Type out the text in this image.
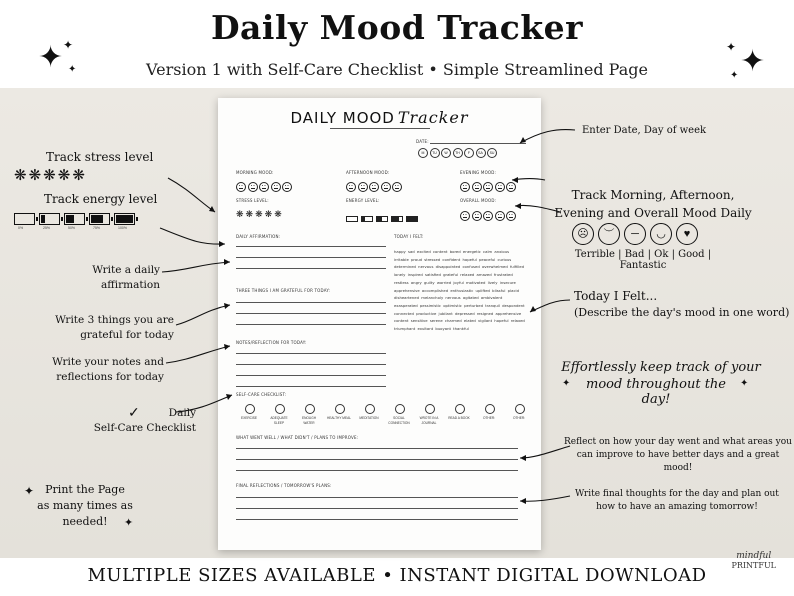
Daily Mood Tracker
Version 1 with Self-Care Checklist • Simple Streamlined Page
✦ ✦
✦	✦
✦
✦
DAILY MOOD Tracker
DATE:
M TU W TH F SA SU
MORNING MOOD:	AFTERNOON MOOD:	EVENING MOOD:
STRESS LEVEL:
❋ ❋ ❋ ❋ ❋
ENERGY LEVEL:	OVERALL MOOD:
DAILY AFFIRMATION:	TODAY I FELT:
happy sad excited content bored energetic calm anxious irritable proud stressed confident hopeful peaceful curious determined nervous disappointed confused overwhelmed fulfilled lonely inspired satisfied grateful relaxed amazed frustrated restless angry guilty worried joyful motivated lively insecure apprehensive accomplished enthusiastic uplifted blissful placid disheartened melancholy nervous agitated ambivalent exasperated pessimistic optimistic perturbed tranquil despondent connected productive jubilant depressed resigned apprehensive content sensitive serene charmed elated vigilant hopeful relaxed triumphant exultant buoyant thankful
THREE THINGS I AM GRATEFUL FOR TODAY:
NOTES/REFLECTION FOR TODAY:
SELF-CARE CHECKLIST:
WHAT WENT WELL / WHAT DIDN'T / PLANS TO IMPROVE:
FINAL REFLECTIONS / TOMORROW'S PLANS:
EXERCISE	ADEQUATE SLEEP
ENOUGH WATER
HEALTHY MEAL	MEDITATION	SOCIAL CONNECTION
WROTE IN A JOURNAL
READ A BOOK	OTHER:	OTHER:
Track stress level
❋❋❋❋❋
Track energy level
Write a daily
affirmation
Write 3 things you are
grateful for today
Write your notes and
reflections for today
✓	Daily
Self-Care Checklist
✦	Print the Page
as many times as
needed!	✦
Enter Date, Day of week
Track Morning, Afternoon,
Evening and Overall Mood Daily
☹ ︶ ─ ◡ ♥
Terrible | Bad | Ok | Good | Fantastic
Today I Felt...
(Describe the day's mood in one word)
Effortlessly keep track of your
✦	mood throughout the day!
✦
Reflect on how your day went and what areas you
can improve to have better days and a great mood!
Write final thoughts for the day and plan out
how to have an amazing tomorrow!
MULTIPLE SIZES AVAILABLE • INSTANT DIGITAL DOWNLOAD
mindful
PRINTFUL
0%	25%	50%	75%	100%
